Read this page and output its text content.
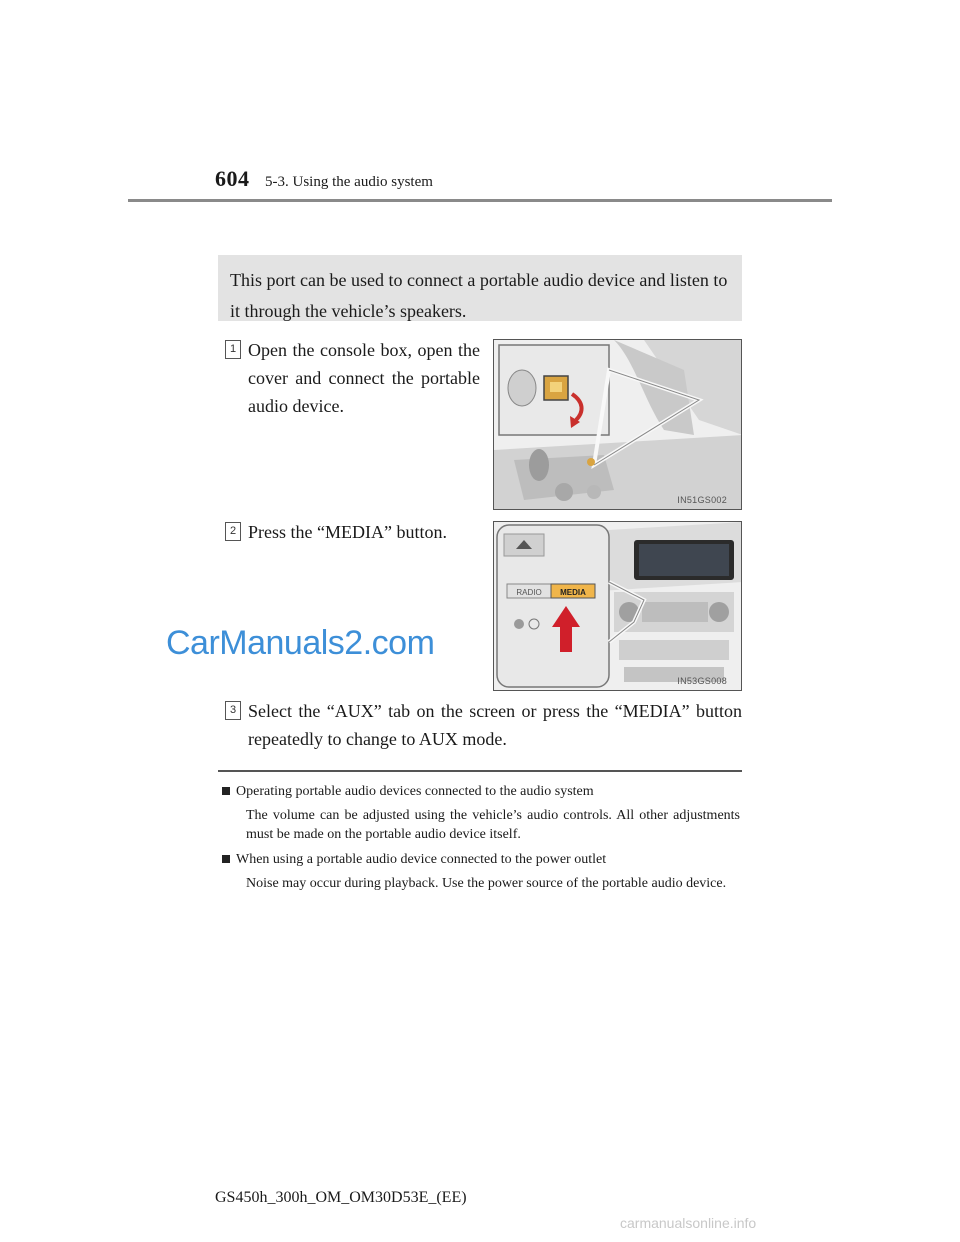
604 5-3. Using the audio system
This port can be used to connect a portable audio device and listen to it through the vehicle’s speakers.
1 Open the console box, open the cover and connect the portable audio device.
IN51GS002
2 Press the “MEDIA” button.
RADIO MEDIA
IN53GS008
CarManuals2.com
3 Select the “AUX” tab on the screen or press the “MEDIA” button repeatedly to change to AUX mode.
Operating portable audio devices connected to the audio system
The volume can be adjusted using the vehicle’s audio controls. All other adjustments must be made on the portable audio device itself.
When using a portable audio device connected to the power outlet
Noise may occur during playback. Use the power source of the portable audio device.
GS450h_300h_OM_OM30D53E_(EE)
carmanualsonline.info
